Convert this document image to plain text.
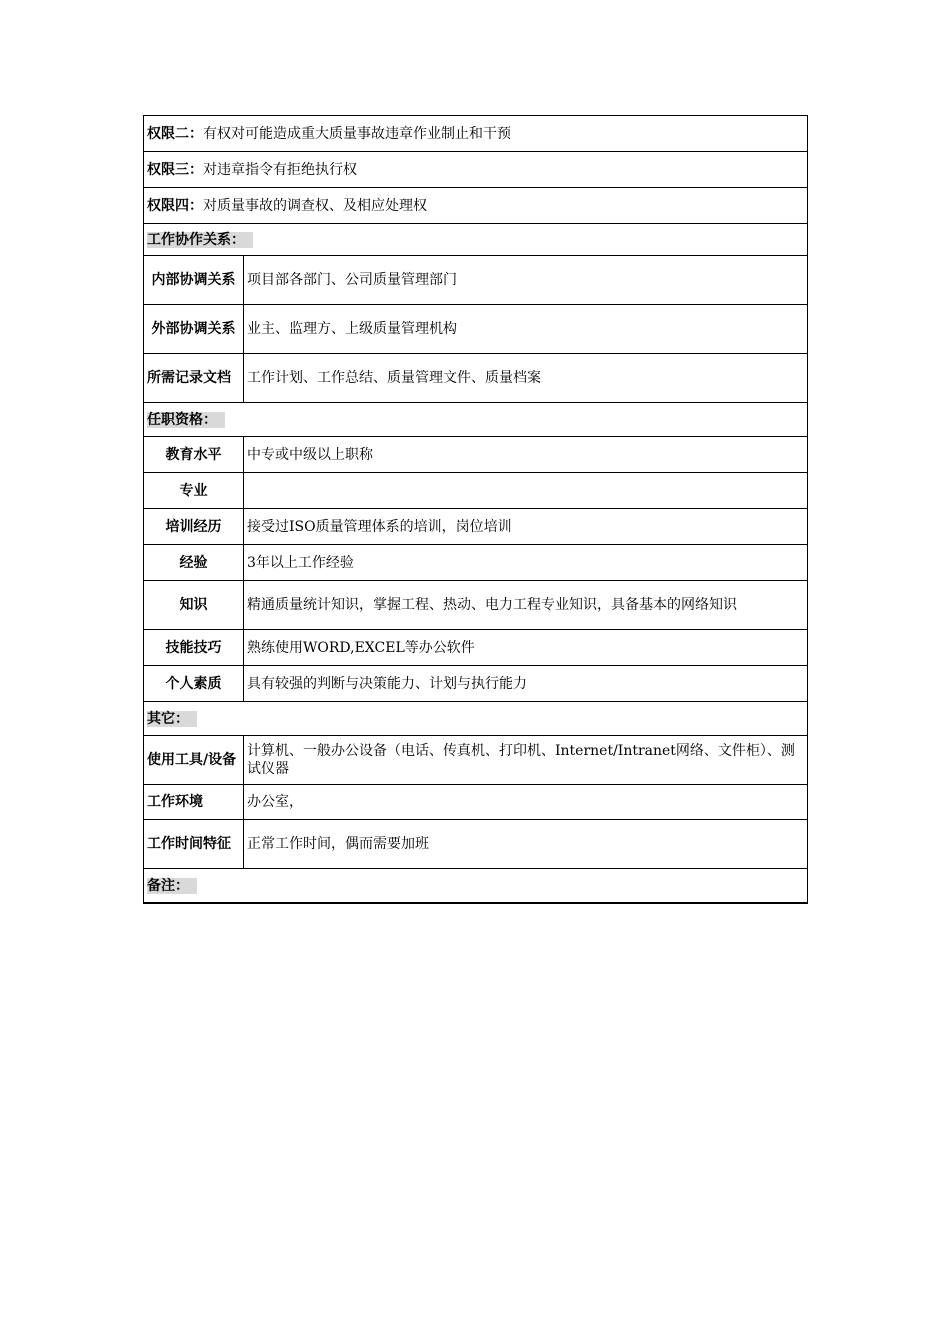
权限二：有权对可能造成重大质量事故违章作业制止和干预	
权限三：对违章指令有拒绝执行权	
权限四：对质量事故的调查权、及相应处理权	
工作协作关系：	
内部协调关系	项目部各部门、公司质量管理部门
外部协调关系	业主、监理方、上级质量管理机构
所需记录文档	工作计划、工作总结、质量管理文件、质量档案
任职资格：	
教育水平	中专或中级以上职称
专业	
培训经历	接受过ISO质量管理体系的培训，岗位培训
经验	3年以上工作经验
知识	精通质量统计知识，掌握工程、热动、电力工程专业知识，具备基本的网络知识
技能技巧	熟练使用WORD,EXCEL等办公软件
个人素质	具有较强的判断与决策能力、计划与执行能力
其它：	
使用工具/设备	计算机、一般办公设备（电话、传真机、打印机、Internet/Intranet网络、文件柜）、测试仪器
工作环境	办公室，
工作时间特征	正常工作时间，偶而需要加班
备注：	
